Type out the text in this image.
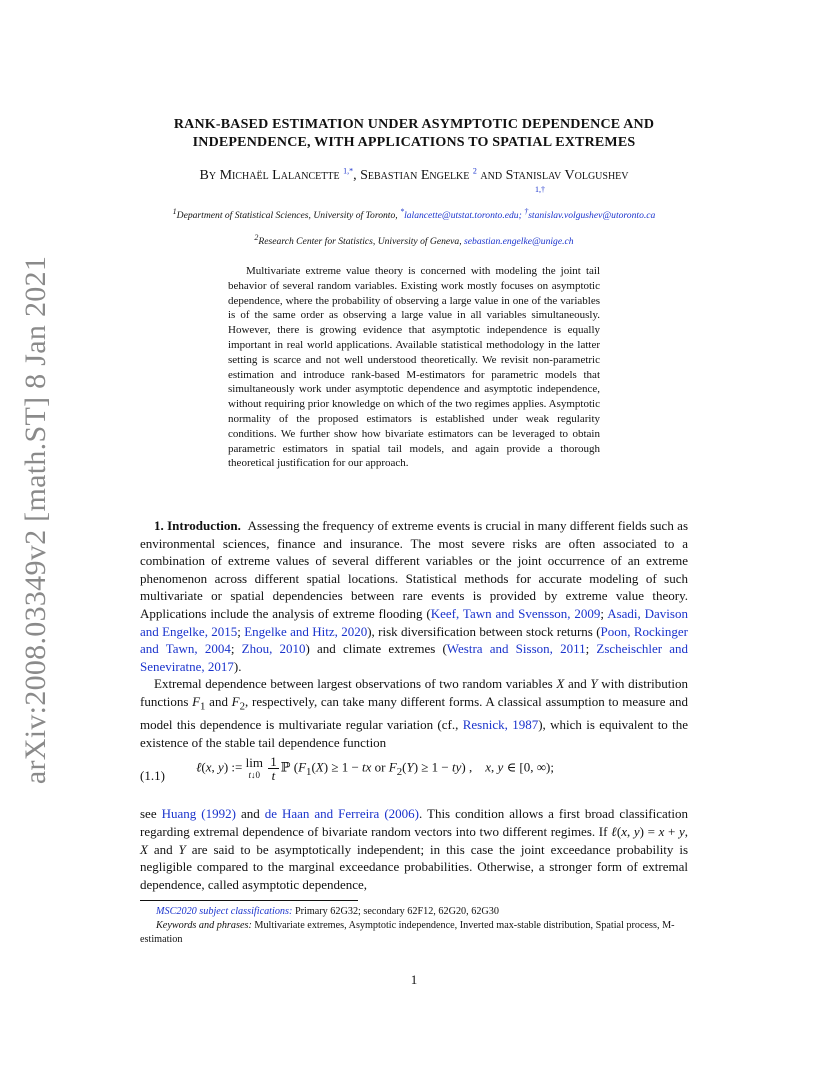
arXiv:2008.03349v2 [math.ST] 8 Jan 2021
RANK-BASED ESTIMATION UNDER ASYMPTOTIC DEPENDENCE AND
INDEPENDENCE, WITH APPLICATIONS TO SPATIAL EXTREMES
By Michaël Lalancette $^{1,*}$, Sebastian Engelke $^2$ and Stanislav Volgushev
1,†
$^1$Department of Statistical Sciences, University of Toronto, *lalancette@utstat.toronto.edu; †stanislav.volgushev@utoronto.ca
$^2$Research Center for Statistics, University of Geneva, sebastian.engelke@unige.ch

Multivariate extreme value theory is concerned with modeling the joint tail behavior of several random variables. Existing work mostly focuses on asymptotic dependence, where the probability of observing a large value in one of the variables is of the same order as observing a large value in all variables simultaneously. However, there is growing evidence that asymptotic independence is equally important in real world applications. Available statistical methodology in the latter setting is scarce and not well understood theoretically. We revisit non-parametric estimation and introduce rank-based M-estimators for parametric models that simultaneously work under asymptotic dependence and asymptotic independence, without requiring prior knowledge on which of the two regimes applies. Asymptotic normality of the proposed estimators is established under weak regularity conditions. We further show how bivariate estimators can be leveraged to obtain parametric estimators in spatial tail models, and again provide a thorough theoretical justification for our approach.

1. Introduction. Assessing the frequency of extreme events is crucial in many different fields such as environmental sciences, finance and insurance. The most severe risks are often associated to a combination of extreme values of several different variables or the joint occurrence of an extreme phenomenon across different spatial locations. Statistical methods for accurate modeling of such multivariate or spatial dependencies between rare events is provided by extreme value theory. Applications include the analysis of extreme flooding (Keef, Tawn and Svensson, 2009; Asadi, Davison and Engelke, 2015; Engelke and Hitz, 2020), risk diversification between stock returns (Poon, Rockinger and Tawn, 2004; Zhou, 2010) and climate extremes (Westra and Sisson, 2011; Zscheischler and Seneviratne, 2017).

Extremal dependence between largest observations of two random variables X and Y with distribution functions $F_1$ and $F_2$, respectively, can take many different forms. A classical assumption to measure and model this dependence is multivariate regular variation (cf., Resnick, 1987), which is equivalent to the existence of the stable tail dependence function

(1.1)
ℓ(x, y) := lim
t↓0
$\frac{1}{t}$ ℙ ($F_1(X) \ge 1$ − tx or $F_2(Y) \ge 1 - ty$) ,    x, y ∈ [0, ∞);

see Huang (1992) and de Haan and Ferreira (2006). This condition allows a first broad classification regarding extremal dependence of bivariate random vectors into two different regimes. If ℓ(x, y) = x + y, X and Y are said to be asymptotically independent; in this case the joint exceedance probability is negligible compared to the marginal exceedance probabilities. Otherwise, a stronger form of extremal dependence, called asymptotic dependence,

MSC2020 subject classifications: Primary 62G32; secondary 62F12, 62G20, 62G30

Keywords and phrases: Multivariate extremes, Asymptotic independence, Inverted max-stable distribution, Spatial process, M-estimation

1
